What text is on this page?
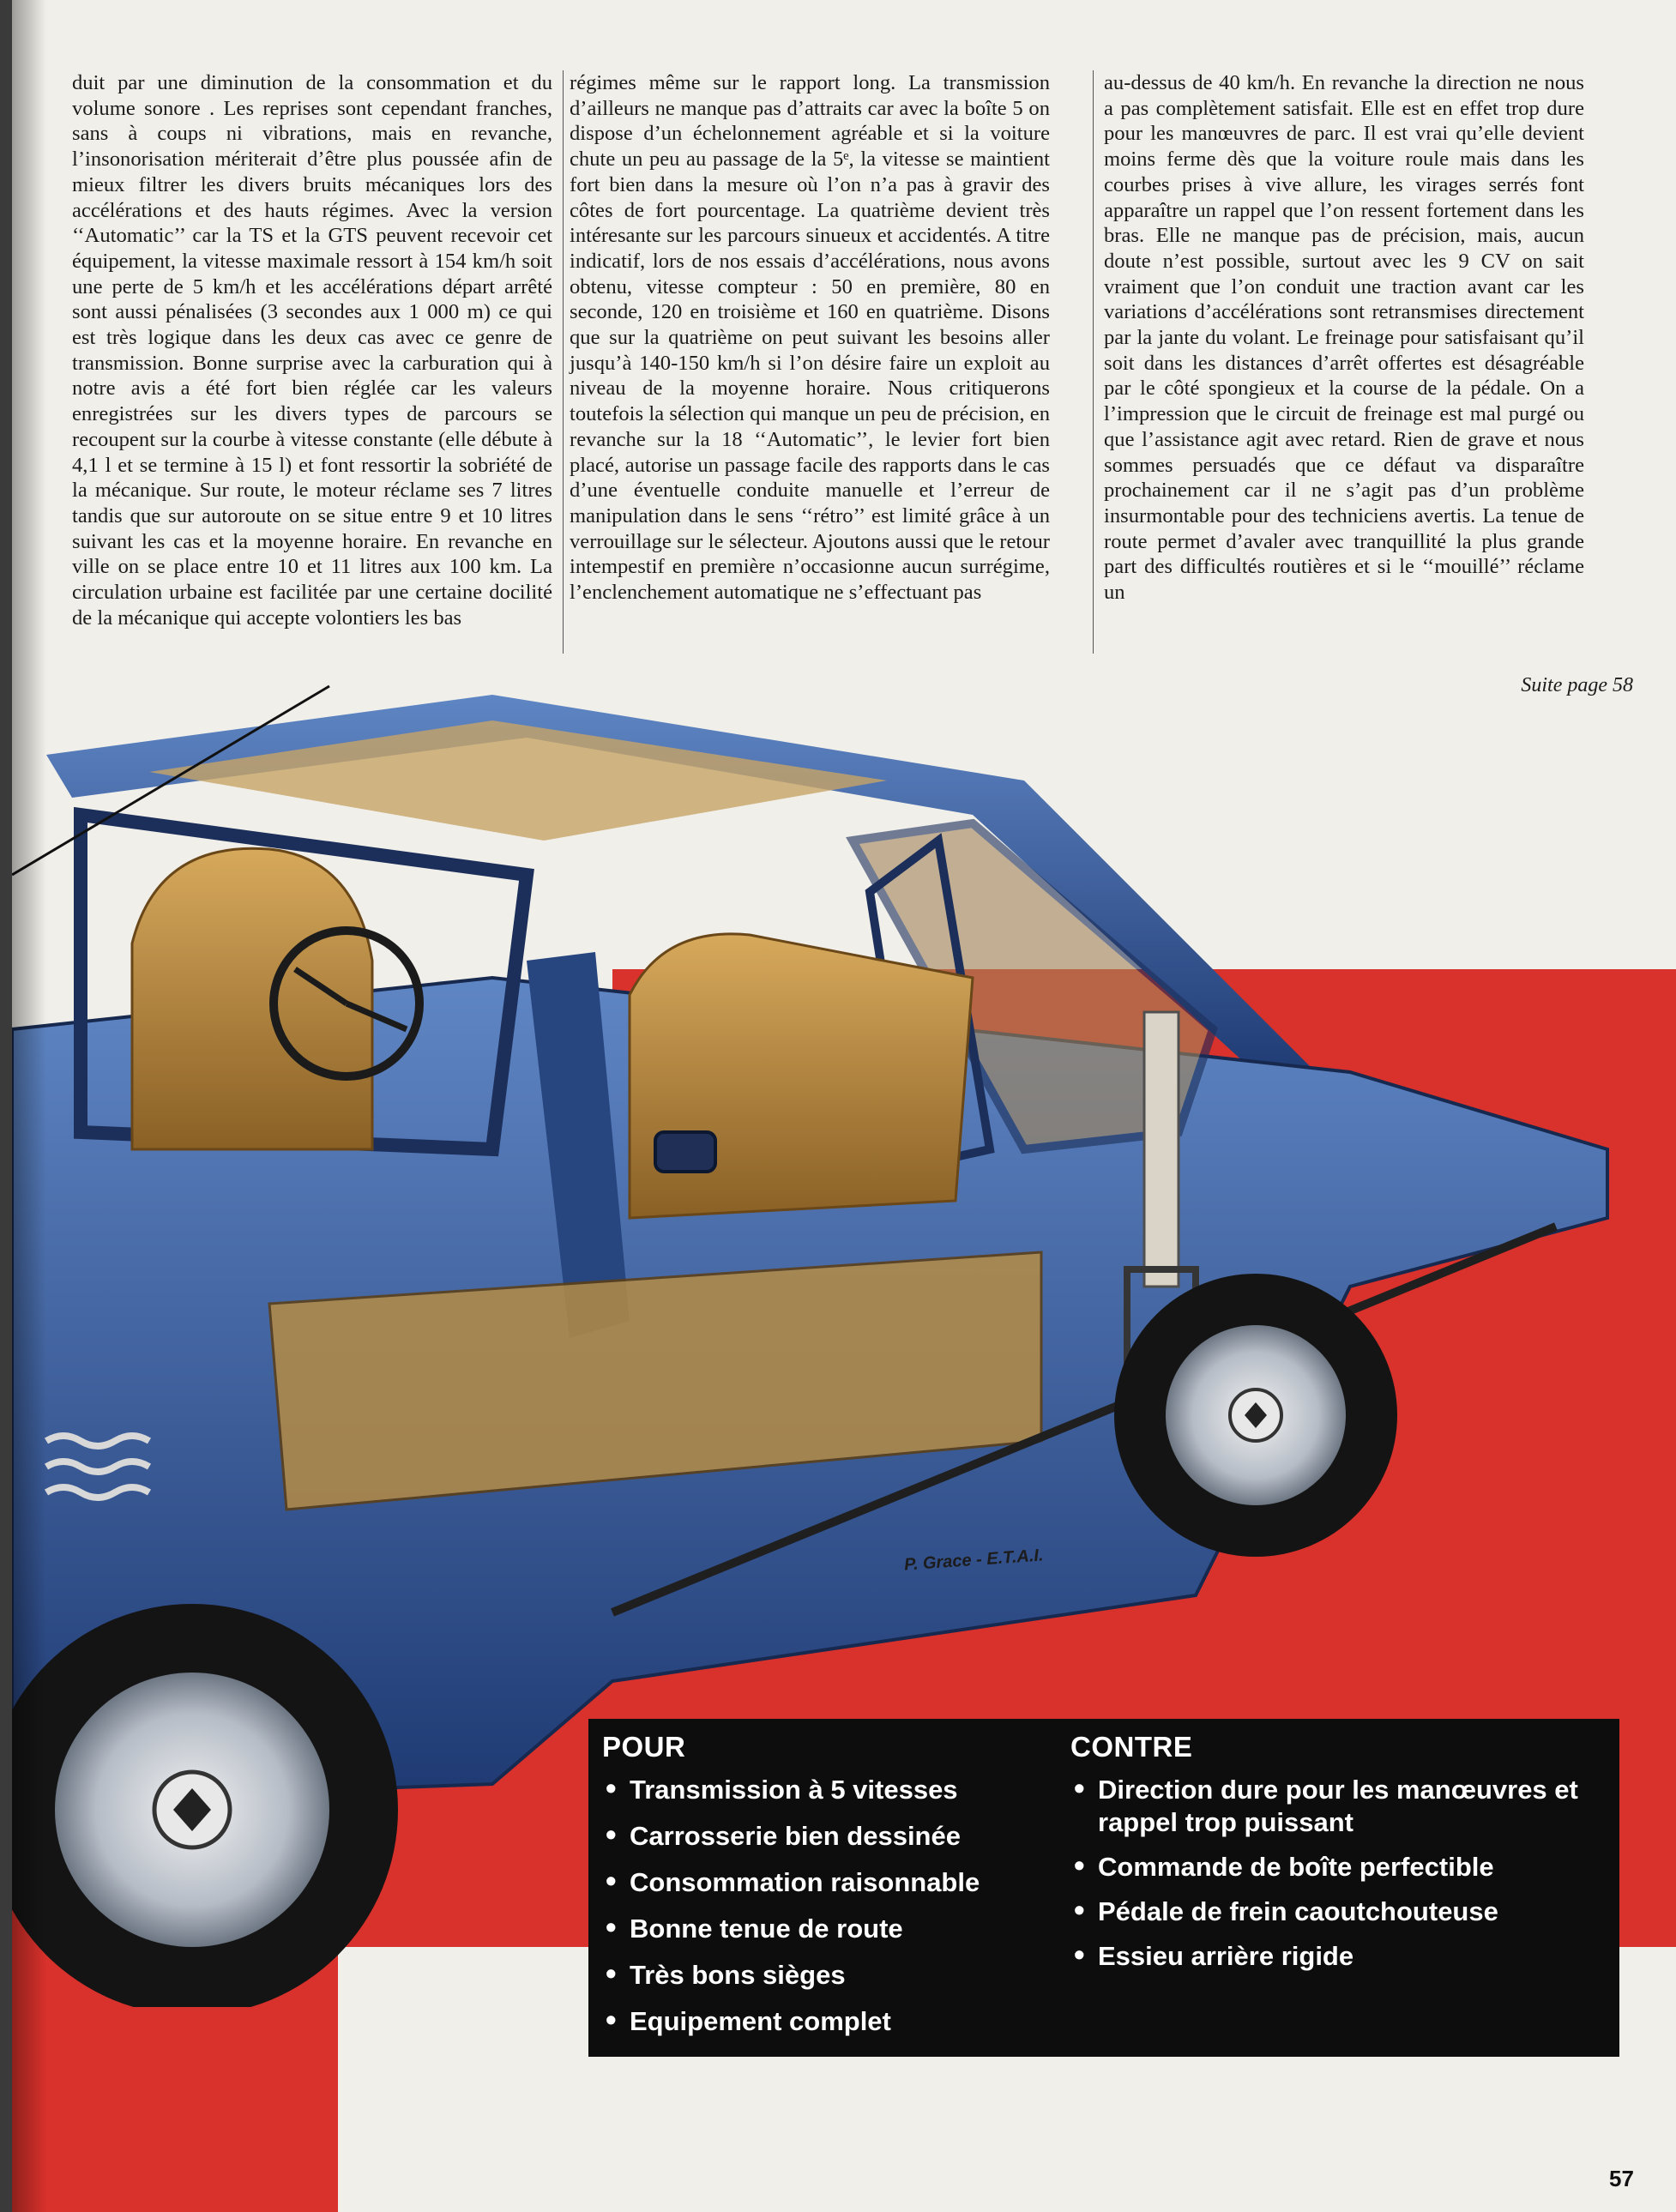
duit par une diminution de la consommation et du volume sonore . Les reprises sont cependant franches, sans à coups ni vibrations, mais en revanche, l’insonorisation mériterait d’être plus poussée afin de mieux filtrer les divers bruits mécaniques lors des accélérations et des hauts régimes. Avec la version ‘‘Automatic’’ car la TS et la GTS peuvent recevoir cet équipement, la vitesse maximale ressort à 154 km/h soit une perte de 5 km/h et les accélérations départ arrêté sont aussi pénalisées (3 secondes aux 1 000 m) ce qui est très logique dans les deux cas avec ce genre de transmission. Bonne surprise avec la carburation qui à notre avis a été fort bien réglée car les valeurs enregistrées sur les divers types de parcours se recoupent sur la courbe à vitesse constante (elle débute à 4,1 l et se termine à 15 l) et font ressortir la sobriété de la mécanique. Sur route, le moteur réclame ses 7 litres tandis que sur autoroute on se situe entre 9 et 10 litres suivant les cas et la moyenne horaire. En revanche en ville on se place entre 10 et 11 litres aux 100 km. La circulation urbaine est facilitée par une certaine docilité de la mécanique qui accepte volontiers les bas
régimes même sur le rapport long. La transmission d’ailleurs ne manque pas d’attraits car avec la boîte 5 on dispose d’un échelonnement agréable et si la voiture chute un peu au passage de la 5ᵉ, la vitesse se maintient fort bien dans la mesure où l’on n’a pas à gravir des côtes de fort pourcentage. La quatrième devient très intéresante sur les parcours sinueux et accidentés. A titre indicatif, lors de nos essais d’accélérations, nous avons obtenu, vitesse compteur : 50 en première, 80 en seconde, 120 en troisième et 160 en quatrième. Disons que sur la quatrième on peut suivant les besoins aller jusqu’à 140-150 km/h si l’on désire faire un exploit au niveau de la moyenne horaire. Nous critiquerons toutefois la sélection qui manque un peu de précision, en revanche sur la 18 ‘‘Automatic’’, le levier fort bien placé, autorise un passage facile des rapports dans le cas d’une éventuelle conduite manuelle et l’erreur de manipulation dans le sens ‘‘rétro’’ est limité grâce à un verrouillage sur le sélecteur. Ajoutons aussi que le retour intempestif en première n’occasionne aucun surrégime, l’enclenchement automatique ne s’effectuant pas
au-dessus de 40 km/h. En revanche la direction ne nous a pas complètement satisfait. Elle est en effet trop dure pour les manœuvres de parc. Il est vrai qu’elle devient moins ferme dès que la voiture roule mais dans les courbes prises à vive allure, les virages serrés font apparaître un rappel que l’on ressent fortement dans les bras. Elle ne manque pas de précision, mais, aucun doute n’est possible, surtout avec les 9 CV on sait vraiment que l’on conduit une traction avant car les variations d’accélérations sont retransmises directement par la jante du volant. Le freinage pour satisfaisant qu’il soit dans les distances d’arrêt offertes est désagréable par le côté spongieux et la course de la pédale. On a l’impression que le circuit de freinage est mal purgé ou que l’assistance agit avec retard. Rien de grave et nous sommes persuadés que ce défaut va disparaître prochainement car il ne s’agit pas d’un problème insurmontable pour des techniciens avertis. La tenue de route permet d’avaler avec tranquillité la plus grande part des difficultés routières et si le ‘‘mouillé’’ réclame un
Suite page 58
P. Grace - E.T.A.I.
POUR
• Transmission à 5 vitesses
• Carrosserie bien dessinée
• Consommation raisonnable
• Bonne tenue de route
• Très bons sièges
• Equipement complet
CONTRE
• Direction dure pour les manœuvres et rappel trop puissant
• Commande de boîte perfectible
• Pédale de frein caoutchouteuse
• Essieu arrière rigide
57
